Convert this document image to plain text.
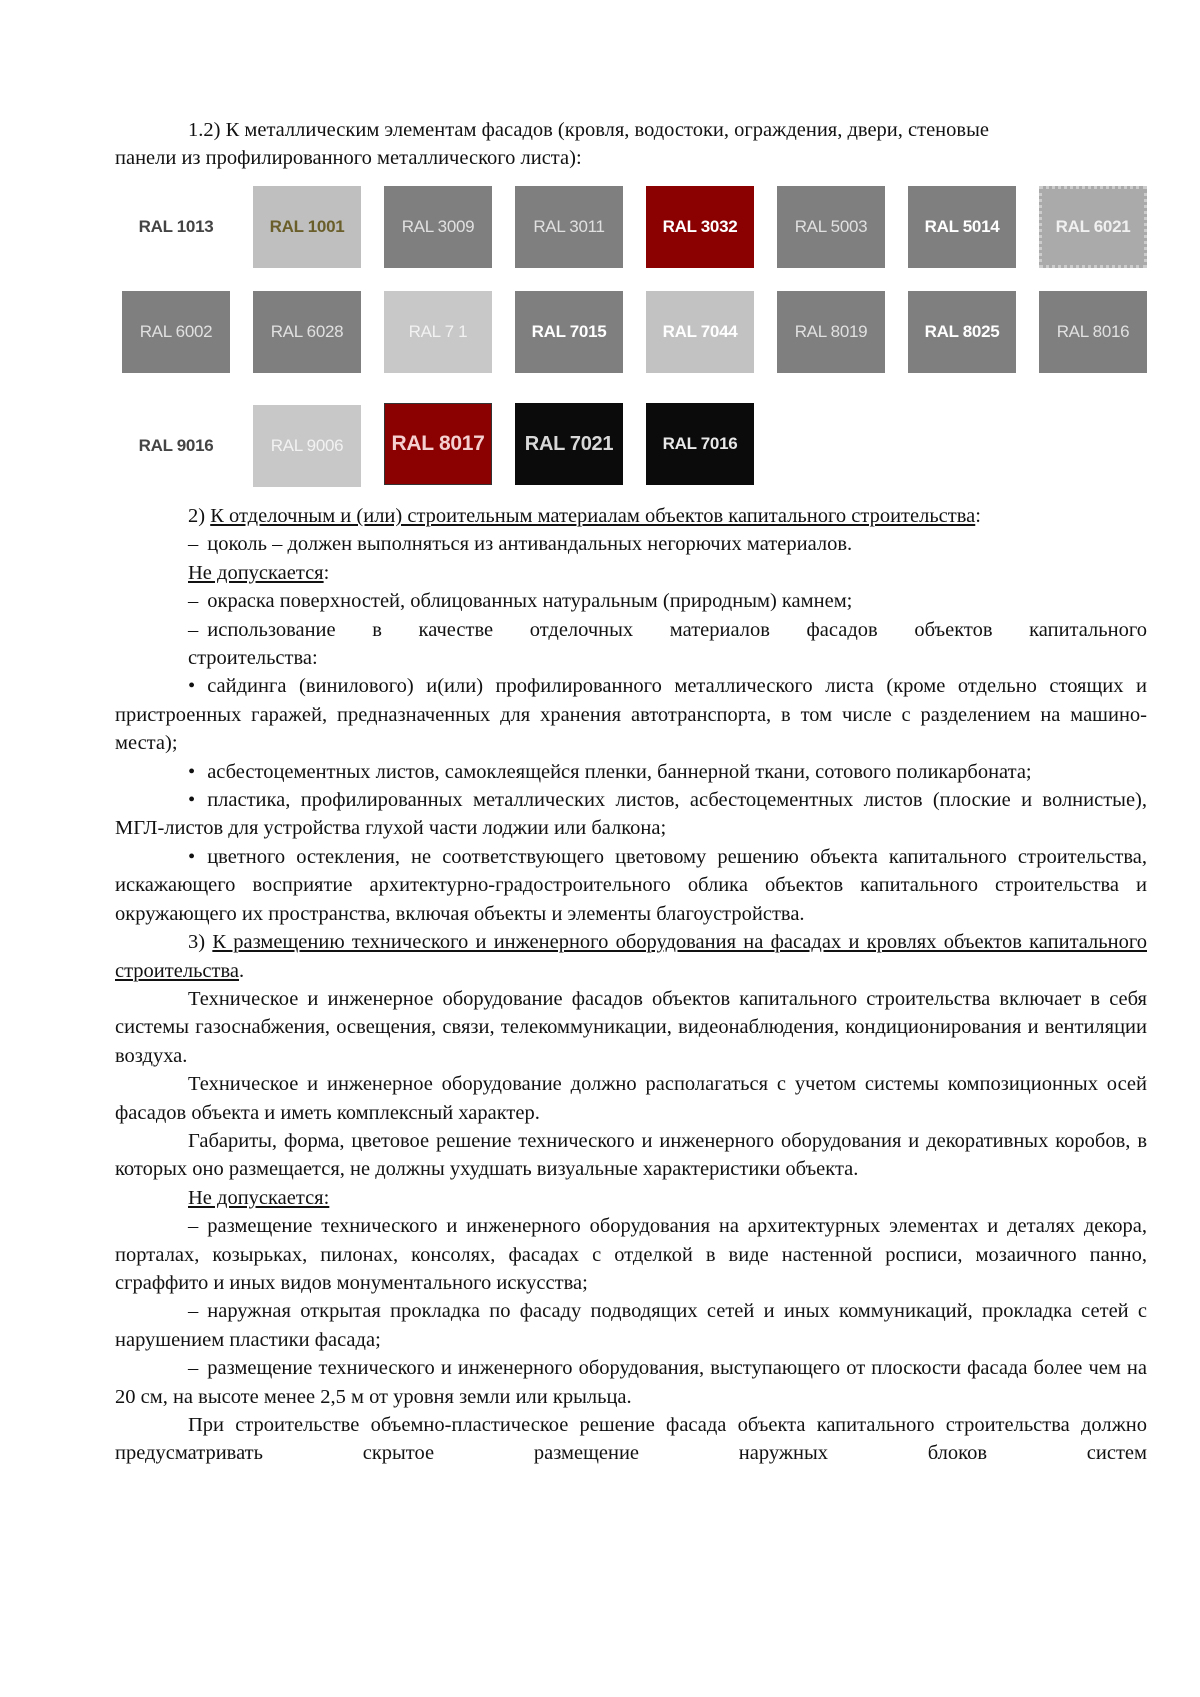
1.2) К металлическим элементам фасадов (кровля, водостоки, ограждения, двери, стеновые

панели из профилированного металлического листа):

RAL 1013	RAL 1001	RAL 3009	RAL 3011	RAL 3032	RAL 5003	RAL 5014	RAL 6021
RAL 6002	RAL 6028	RAL 7 1	RAL 7015	RAL 7044	RAL 8019	RAL 8025	RAL 8016
RAL 9016	RAL 9006	RAL 8017	RAL 7021	RAL 7016

2) К отделочным и (или) строительным материалам объектов капитального строительства:

– цоколь – должен выполняться из антивандальных негорючих материалов.

Не допускается:

– окраска поверхностей, облицованных натуральным (природным) камнем;

– использование в качестве отделочных материалов фасадов объектов капитального

строительства:

• сайдинга (винилового) и(или) профилированного металлического листа (кроме отдельно стоящих и пристроенных гаражей, предназначенных для хранения автотранспорта, в том числе с разделением на машино-места);

• асбестоцементных листов, самоклеящейся пленки, баннерной ткани, сотового поликарбоната;

• пластика, профилированных металлических листов, асбестоцементных листов (плоские и волнистые), МГЛ-листов для устройства глухой части лоджии или балкона;

• цветного остекления, не соответствующего цветовому решению объекта капитального строительства, искажающего восприятие архитектурно-градостроительного облика объектов капитального строительства и окружающего их пространства, включая объекты и элементы благоустройства.

3) К размещению технического и инженерного оборудования на фасадах и кровлях объектов капитального строительства.

Техническое и инженерное оборудование фасадов объектов капитального строительства включает в себя системы газоснабжения, освещения, связи, телекоммуникации, видеонаблюдения, кондиционирования и вентиляции воздуха.

Техническое и инженерное оборудование должно располагаться с учетом системы композиционных осей фасадов объекта и иметь комплексный характер.

Габариты, форма, цветовое решение технического и инженерного оборудования и декоративных коробов, в которых оно размещается, не должны ухудшать визуальные характеристики объекта.

Не допускается:

– размещение технического и инженерного оборудования на архитектурных элементах и деталях декора, порталах, козырьках, пилонах, консолях, фасадах с отделкой в виде настенной росписи, мозаичного панно, сграффито и иных видов монументального искусства;

– наружная открытая прокладка по фасаду подводящих сетей и иных коммуникаций, прокладка сетей с нарушением пластики фасада;

– размещение технического и инженерного оборудования, выступающего от плоскости фасада более чем на 20 см, на высоте менее 2,5 м от уровня земли или крыльца.

При строительстве объемно-пластическое решение фасада объекта капитального строительства должно предусматривать скрытое размещение наружных блоков систем
